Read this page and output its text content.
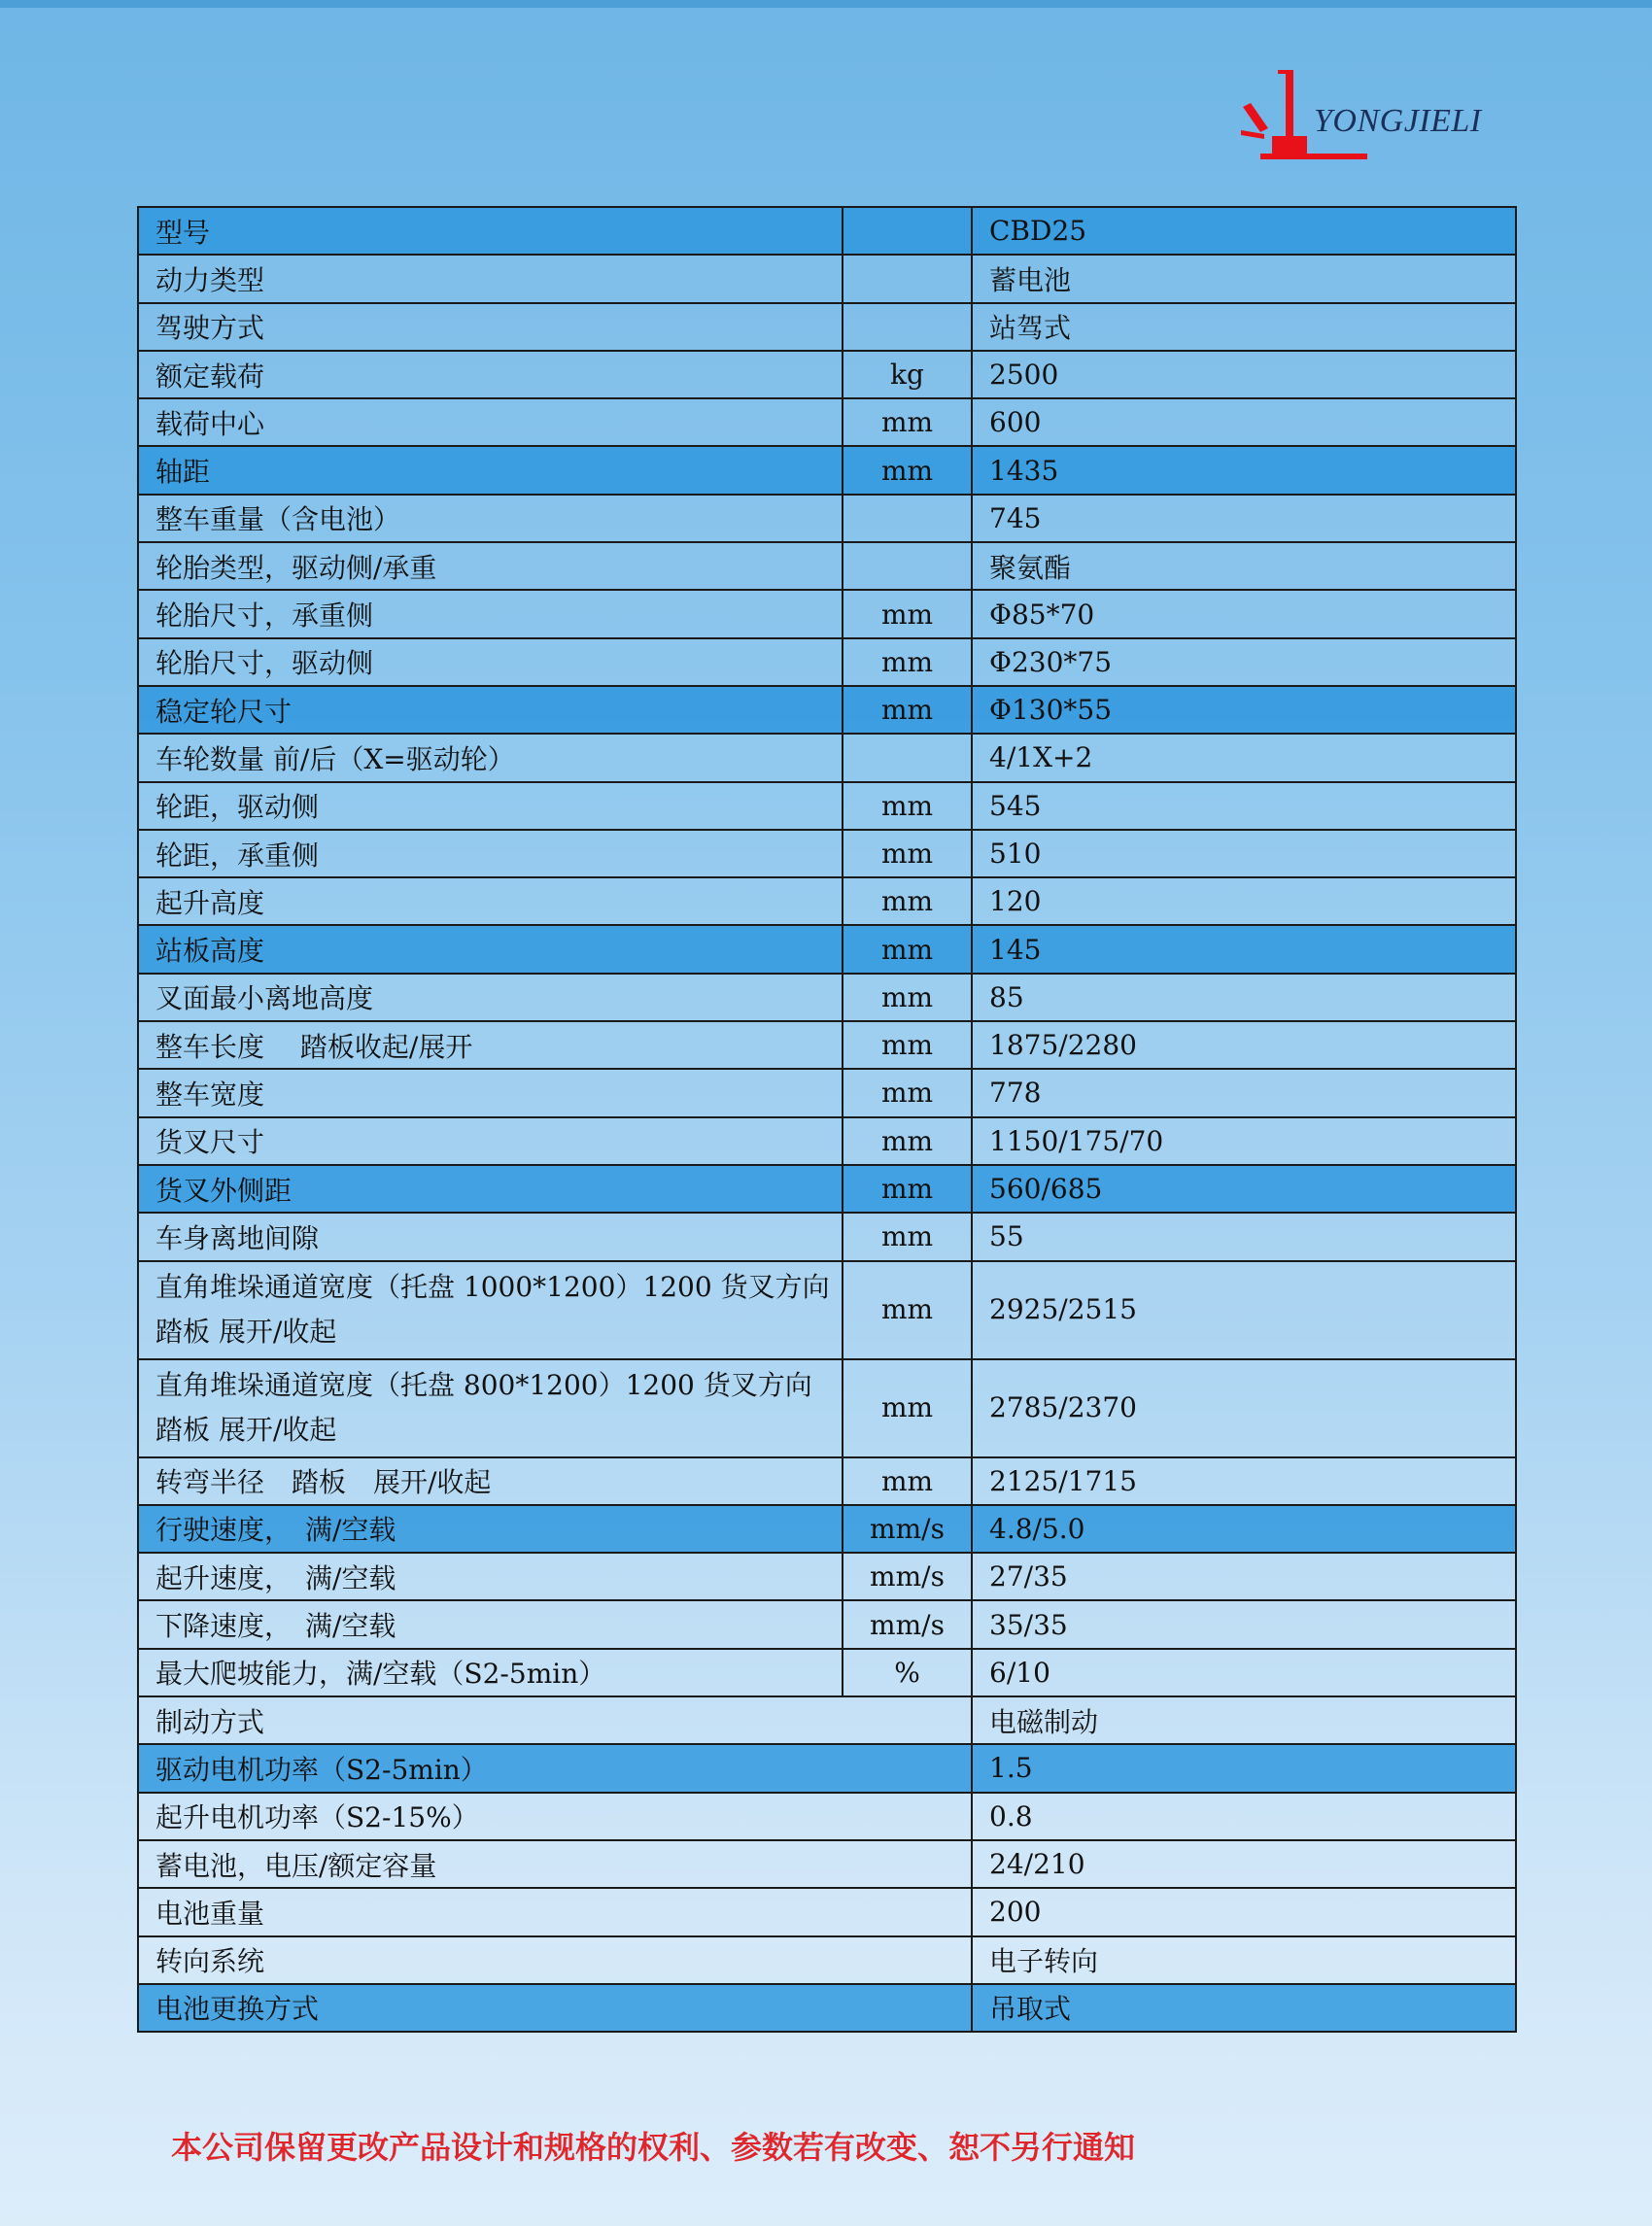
YONGJIELI
型号		CBD25
动力类型		蓄电池
驾驶方式		站驾式
额定载荷	kg	2500
载荷中心	mm	600
轴距	mm	1435
整车重量（含电池）		745
轮胎类型，驱动侧/承重		聚氨酯
轮胎尺寸，承重侧	mm	Φ85*70
轮胎尺寸，驱动侧	mm	Φ230*75
稳定轮尺寸	mm	Φ130*55
车轮数量 前/后（X=驱动轮）		4/1X+2
轮距，驱动侧	mm	545
轮距，承重侧	mm	510
起升高度	mm	120
站板高度	mm	145
叉面最小离地高度	mm	85
整车长度　 踏板收起/展开	mm	1875/2280
整车宽度	mm	778
货叉尺寸	mm	1150/175/70
货叉外侧距	mm	560/685
车身离地间隙	mm	55
直角堆垛通道宽度（托盘 1000*1200）1200 货叉方向　踏板 展开/收起	mm	2925/2515
直角堆垛通道宽度（托盘 800*1200）1200 货叉方向　踏板 展开/收起	mm	2785/2370
转弯半径　踏板　展开/收起	mm	2125/1715
行驶速度，　满/空载	mm/s	4.8/5.0
起升速度，　满/空载	mm/s	27/35
下降速度，　满/空载	mm/s	35/35
最大爬坡能力，满/空载（S2-5min）	%	6/10
制动方式		电磁制动
驱动电机功率（S2-5min）		1.5
起升电机功率（S2-15%）		0.8
蓄电池，电压/额定容量		24/210
电池重量		200
转向系统		电子转向
电池更换方式		吊取式
本公司保留更改产品设计和规格的权利、参数若有改变、恕不另行通知
